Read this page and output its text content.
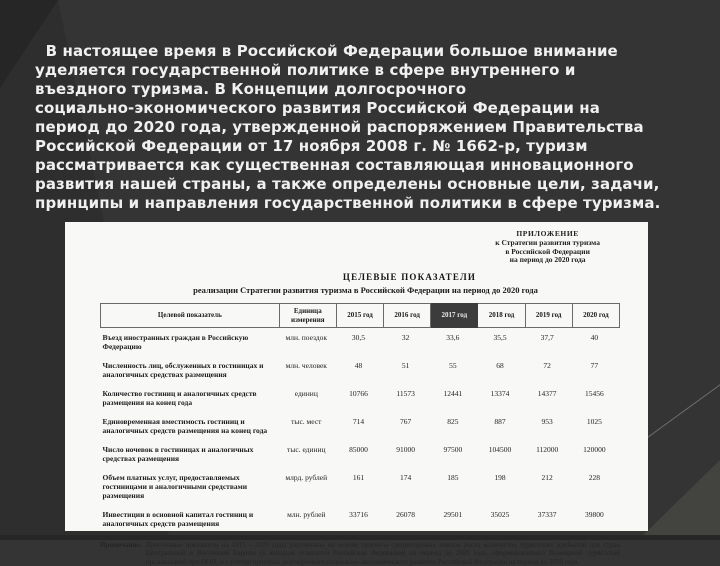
В настоящее время в Российской Федерации большое внимание
уделяется государственной политике в сфере внутреннего и
въездного туризма. В Концепции долгосрочного
социально-экономического развития Российской Федерации на
период до 2020 года, утвержденной распоряжением Правительства
Российской Федерации от 17 ноября 2008 г. № 1662-р, туризм
рассматривается как существенная составляющая инновационного
развития нашей страны, а также определены основные цели, задачи,
принципы и направления государственной политики в сфере туризма.
ПРИЛОЖЕНИЕ
к Стратегии развития туризма
в Российской Федерации
на период до 2020 года
ЦЕЛЕВЫЕ ПОКАЗАТЕЛИ
реализации Стратегии развития туризма в Российской Федерации на период до 2020 года
Целевой показатель	Единица измерения	2015 год	2016 год	2017 год	2018 год	2019 год	2020 год
Въезд иностранных граждан в Российскую Федерацию	млн. поездок	30,5	32	33,6	35,5	37,7	40
Численность лиц, обслуженных в гостиницах и аналогичных средствах размещения	млн. человек	48	51	55	68	72	77
Количество гостиниц и аналогичных средств размещения на конец года	единиц	10766	11573	12441	13374	14377	15456
Единовременная вместимость гостиниц и аналогичных средств размещения на конец года	тыс. мест	714	767	825	887	953	1025
Число ночевок в гостиницах и аналогичных средствах размещения	тыс. единиц	85000	91000	97500	104500	112000	120000
Объем платных услуг, предоставляемых гостиницами и аналогичными средствами размещения	млрд. рублей	161	174	185	198	212	228
Инвестиции в основной капитал гостиниц и аналогичных средств размещения	млн. рублей	33716	26078	29501	35025	37337	39800
Примечание. Прогнозные показатели на 2015 - 2020 годы рассчитаны на основе прогноза среднегодовых темпов роста количества туристских прибытий для стран Центральной и Восточной Европы (к которым относится Российская Федерация) на период до 2020 года, сформированного Всемирной туристской организацией при ООН, и с учетом прогноза долгосрочного социально-экономического развития Российской Федерации на период до 2030 года.
